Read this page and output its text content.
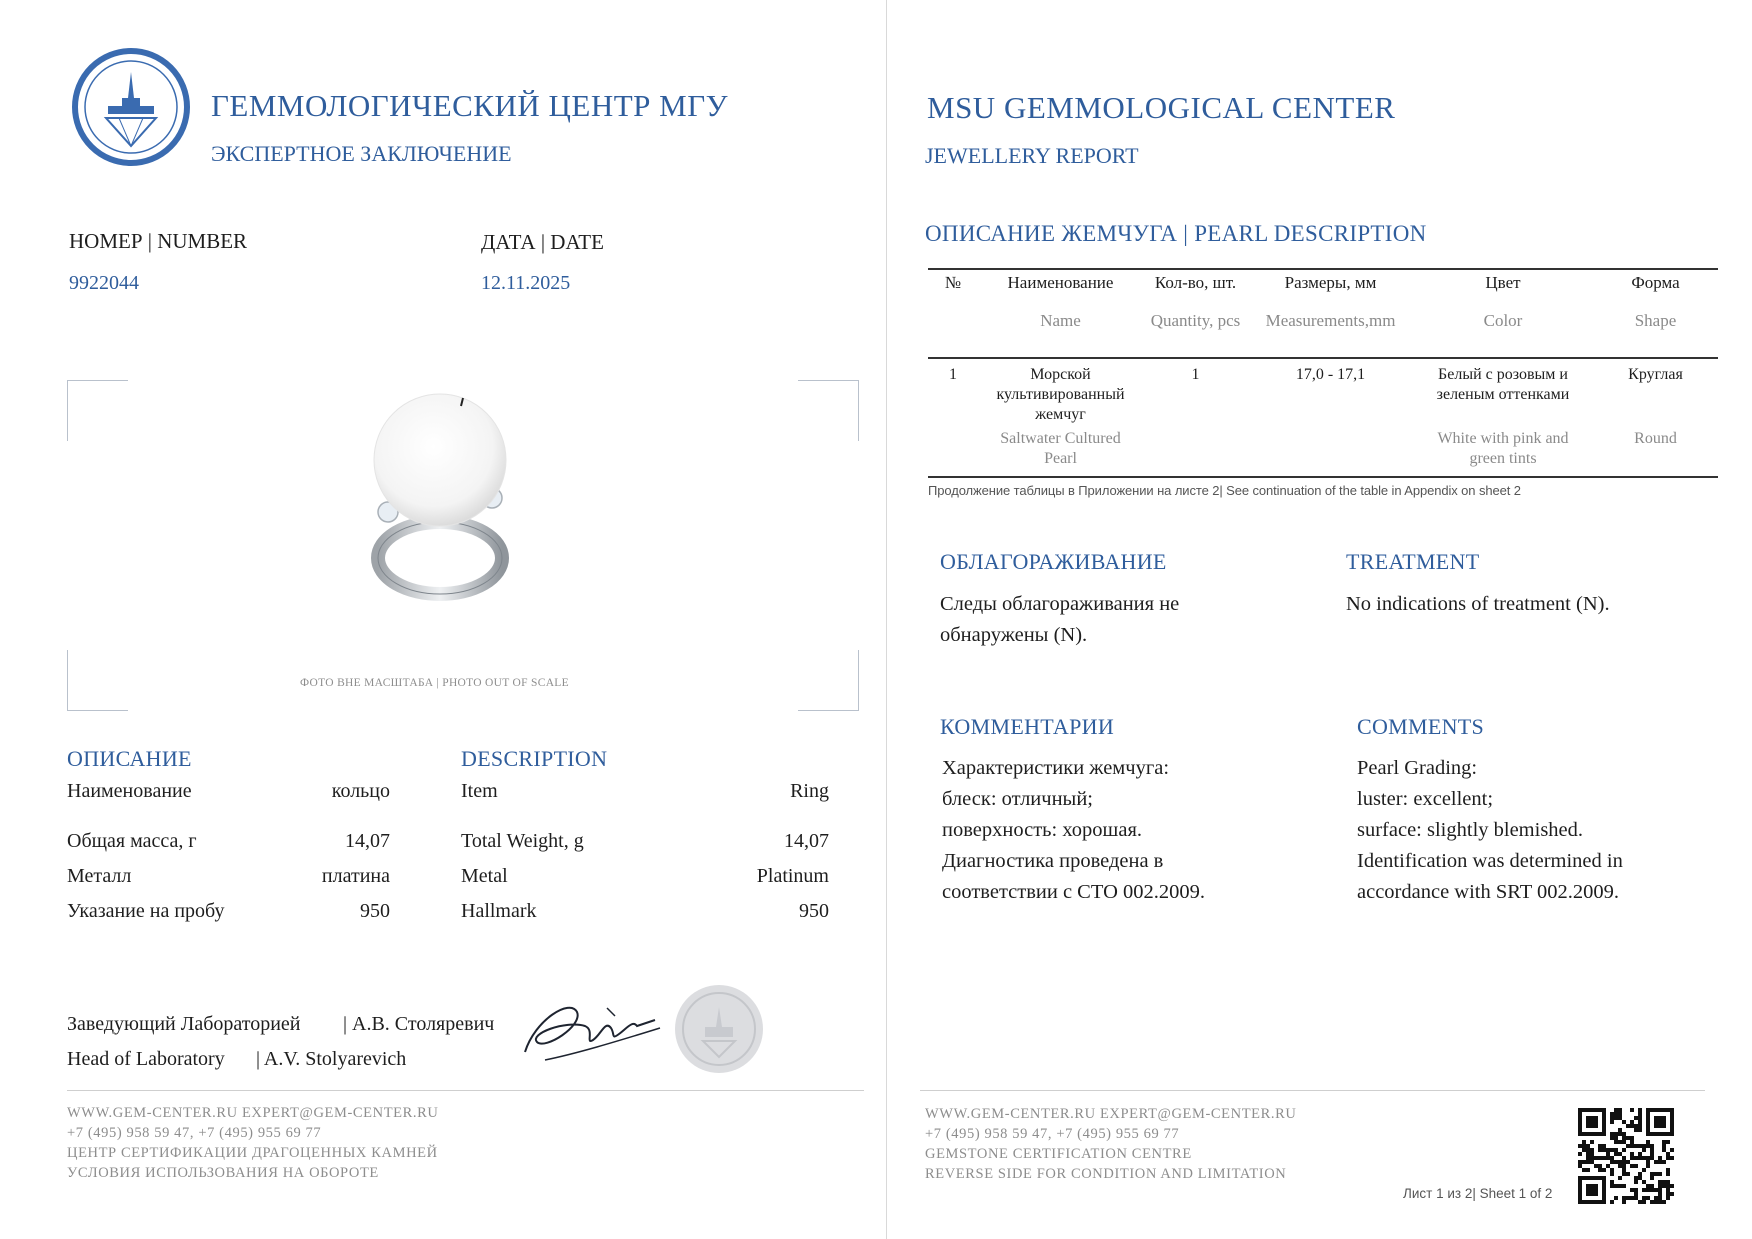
ГЕММОЛОГИЧЕСКИЙ ЦЕНТР МГУ
ЭКСПЕРТНОЕ ЗАКЛЮЧЕНИЕ
НОМЕР | NUMBER
9922044
ДАТА | DATE
12.11.2025
ФОТО ВНЕ МАСШТАБА | PHOTO OUT OF SCALE
ОПИСАНИЕ	DESCRIPTION
Наименование	кольцо	Item	Ring
Общая масса, г	14,07	Total Weight, g	14,07
Металл	платина	Metal	Platinum
Указание на пробу	950	Hallmark	950
Заведующий Лабораторией | А.В. Столяревич
Head of Laboratory | A.V. Stolyarevich
WWW.GEM-CENTER.RU EXPERT@GEM-CENTER.RU
+7 (495) 958 59 47, +7 (495) 955 69 77
ЦЕНТР СЕРТИФИКАЦИИ ДРАГОЦЕННЫХ КАМНЕЙ
УСЛОВИЯ ИСПОЛЬЗОВАНИЯ НА ОБОРОТЕ
MSU GEMMOLOGICAL CENTER
JEWELLERY REPORT
ОПИСАНИЕ ЖЕМЧУГА | PEARL DESCRIPTION
№	Наименование	Кол-во, шт.	Размеры, мм	Цвет	Форма
	Name	Quantity, pcs	Measurements,mm	Color	Shape
1	Морской культивированный жемчуг	1	17,0 - 17,1	Белый с розовым и зеленым оттенками	Круглая
	Saltwater Cultured Pearl			White with pink and green tints	Round
Продолжение таблицы в Приложении на листе 2| See continuation of the table in Appendix on sheet 2
ОБЛАГОРАЖИВАНИЕ	TREATMENT
Следы облагораживания не
обнаружены (N).
No indications of treatment (N).
КОММЕНТАРИИ	COMMENTS
Характеристики жемчуга:
блеск: отличный;
поверхность: хорошая.
Диагностика проведена в
соответствии с СТО 002.2009.
Pearl Grading:
luster: excellent;
surface: slightly blemished.
Identification was determined in
accordance with SRT 002.2009.
WWW.GEM-CENTER.RU EXPERT@GEM-CENTER.RU
+7 (495) 958 59 47, +7 (495) 955 69 77
GEMSTONE CERTIFICATION CENTRE
REVERSE SIDE FOR CONDITION AND LIMITATION
Лист 1 из 2| Sheet 1 of 2
